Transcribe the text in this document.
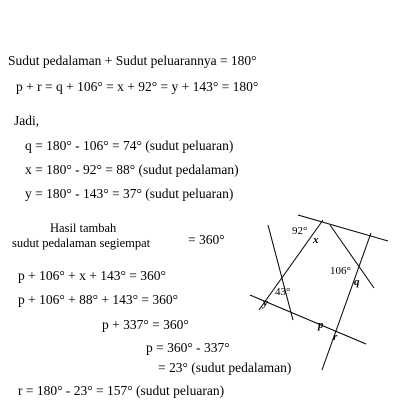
Sudut pedalaman + Sudut peluarannya = 180°
p + r = q + 106° = x + 92° = y + 143° = 180°
Jadi,
q = 180° - 106° = 74° (sudut peluaran)
x = 180° - 92° = 88° (sudut pedalaman)
y = 180° - 143° = 37° (sudut peluaran)
Hasil tambah
sudut pedalaman segiempat	= 360°
p + 106° + x + 143° = 360°
p + 106° + 88° + 143° = 360°
p + 337° = 360°
p = 360° - 337°
= 23° (sudut pedalaman)
r = 180° - 23° = 157° (sudut peluaran)
92°
x
106°
q
43°
y
p
r
